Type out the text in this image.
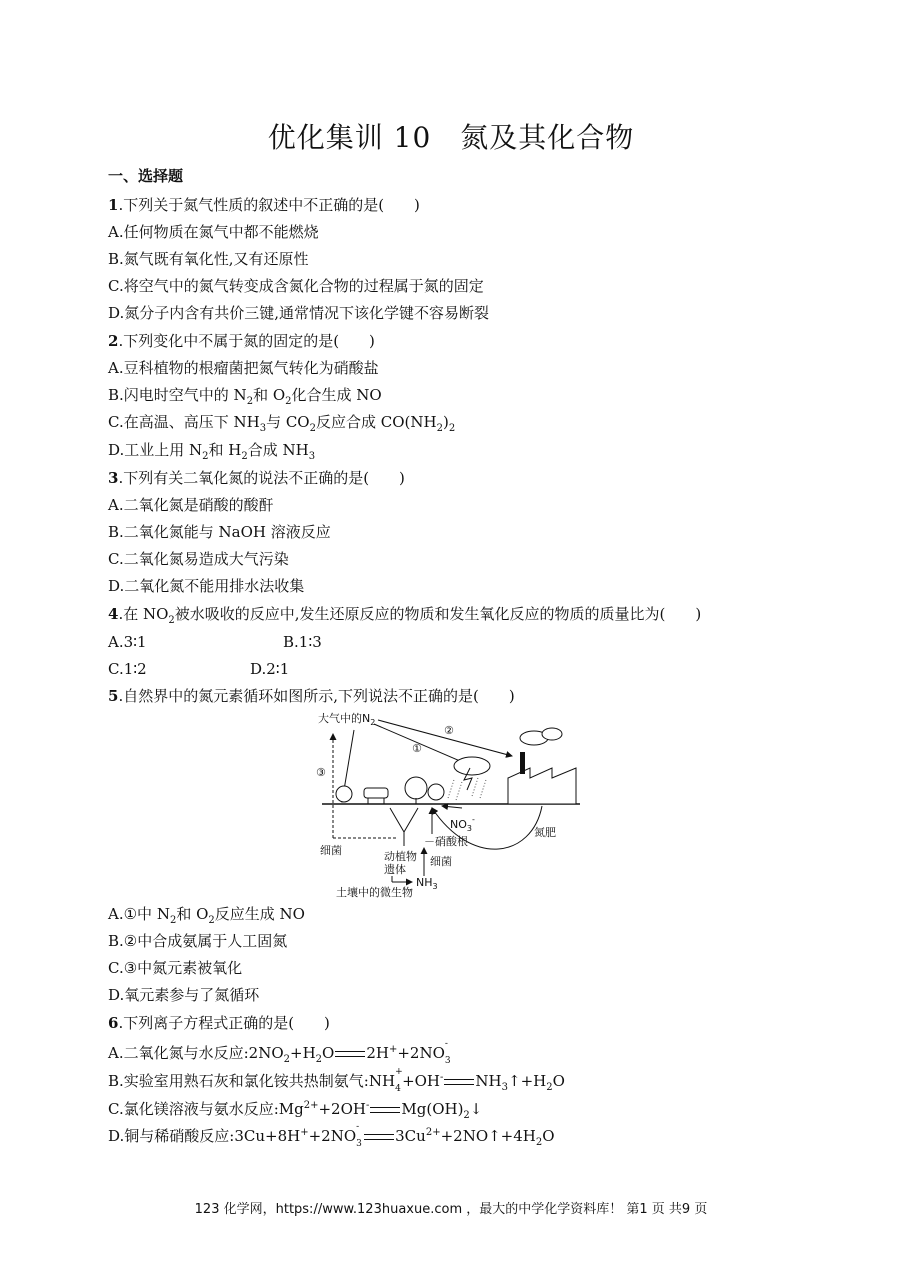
优化集训 10　氮及其化合物
一、选择题
1.下列关于氮气性质的叙述中不正确的是(　　)
A.任何物质在氮气中都不能燃烧
B.氮气既有氧化性,又有还原性
C.将空气中的氮气转变成含氮化合物的过程属于氮的固定
D.氮分子内含有共价三键,通常情况下该化学键不容易断裂
2.下列变化中不属于氮的固定的是(　　)
A.豆科植物的根瘤菌把氮气转化为硝酸盐
B.闪电时空气中的 $N_2$和 $O_2$化合生成 NO
C.在高温、高压下 $NH_3$与 $CO_2$反应合成 $CO(NH_2)_2$
D.工业上用 $N_2$和 $H_2$合成 $NH_3$
3.下列有关二氧化氮的说法不正确的是(　　)
A.二氧化氮是硝酸的酸酐
B.二氧化氮能与 NaOH 溶液反应
C.二氧化氮易造成大气污染
D.二氧化氮不能用排水法收集
4.在 $NO_2$被水吸收的反应中,发生还原反应的物质和发生氧化反应的物质的质量比为(　　)
A.3∶1	B.1∶3
C.1∶2	D.2∶1
5.自然界中的氮元素循环如图所示,下列说法不正确的是(　　)
大气中的$N_2$
①
②
③
$NO_3^-$
氮肥
细菌
－硝酸根
动植物
遗体
细菌
$NH_3$
土壤中的微生物
A.①中 $N_2$和 $O_2$反应生成 NO
B.②中合成氨属于人工固氮
C.③中氮元素被氧化
D.氧元素参与了氮循环
6.下列离子方程式正确的是(　　)
A.二氧化氮与水反应$:2NO_2+H_2O$ 2H++2NO -
3
B.实验室用熟石灰和氯化铵共热制氨气:NH +
4 +OH- $NH_3↑+H_2O$
C.氯化镁溶液与氨水反应$:Mg^{2+}+2OH^-$ $Mg(OH)_2↓$
D.铜与稀硝酸反应:3Cu+8H++2NO -
3 $3Cu^{2+}+2NO↑+4H_2O$
123 化学网，https://www.123huaxue.com ，最大的中学化学资料库！ 第1 页 共9 页
